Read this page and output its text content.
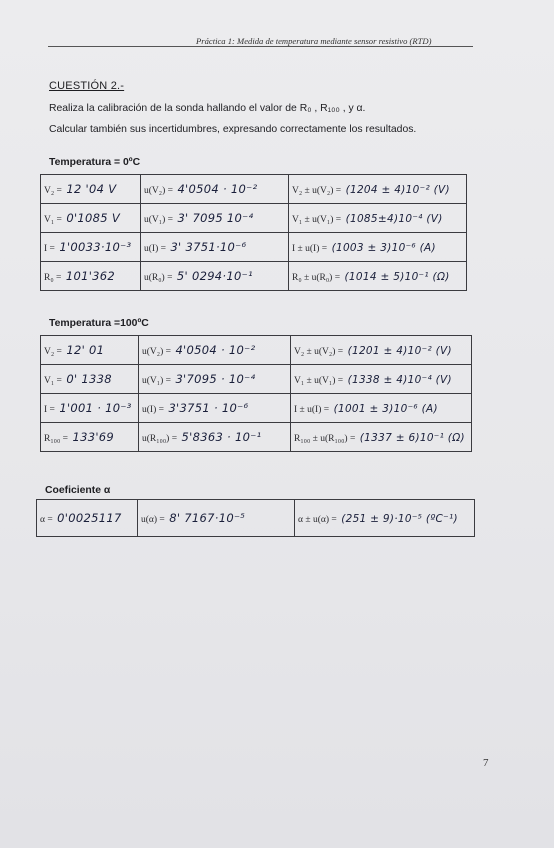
Práctica 1: Medida de temperatura mediante sensor resistivo (RTD)
CUESTIÓN 2.-
Realiza la calibración de la sonda hallando el valor de R₀ , R₁₀₀ , y α.
Calcular también sus incertidumbres, expresando correctamente los resultados.
Temperatura = 0ºC
V₂ = 12 '04 V	u(V₂) = 4'0504 · 10⁻²	V₂ ± u(V₂) = (1204 ± 4)10⁻² (V)
V₁ = 0'1085 V	u(V₁) = 3' 7095 10⁻⁴	V₁ ± u(V₁) = (1085±4)10⁻⁴ (V)
I = 1'0033·10⁻³	u(I) = 3' 3751·10⁻⁶	I ± u(I) = (1003 ± 3)10⁻⁶ (A)
R₀ = 101'362	u(R₀) = 5' 0294·10⁻¹	R₀ ± u(R₀) = (1014 ± 5)10⁻¹ (Ω)
Temperatura =100ºC
V₂ = 12' 01	u(V₂) = 4'0504 · 10⁻²	V₂ ± u(V₂) = (1201 ± 4)10⁻² (V)
V₁ = 0' 1338	u(V₁) = 3'7095 · 10⁻⁴	V₁ ± u(V₁) = (1338 ± 4)10⁻⁴ (V)
I = 1'001 · 10⁻³	u(I) = 3'3751 · 10⁻⁶	I ± u(I) = (1001 ± 3)10⁻⁶ (A)
R₁₀₀ = 133'69	u(R₁₀₀) = 5'8363 · 10⁻¹	R₁₀₀ ± u(R₁₀₀) = (1337 ± 6)10⁻¹ (Ω)
Coeficiente α
α = 0'0025117	u(α) = 8' 7167·10⁻⁵	α ± u(α) = (251 ± 9)·10⁻⁵ (ºC⁻¹)
7
